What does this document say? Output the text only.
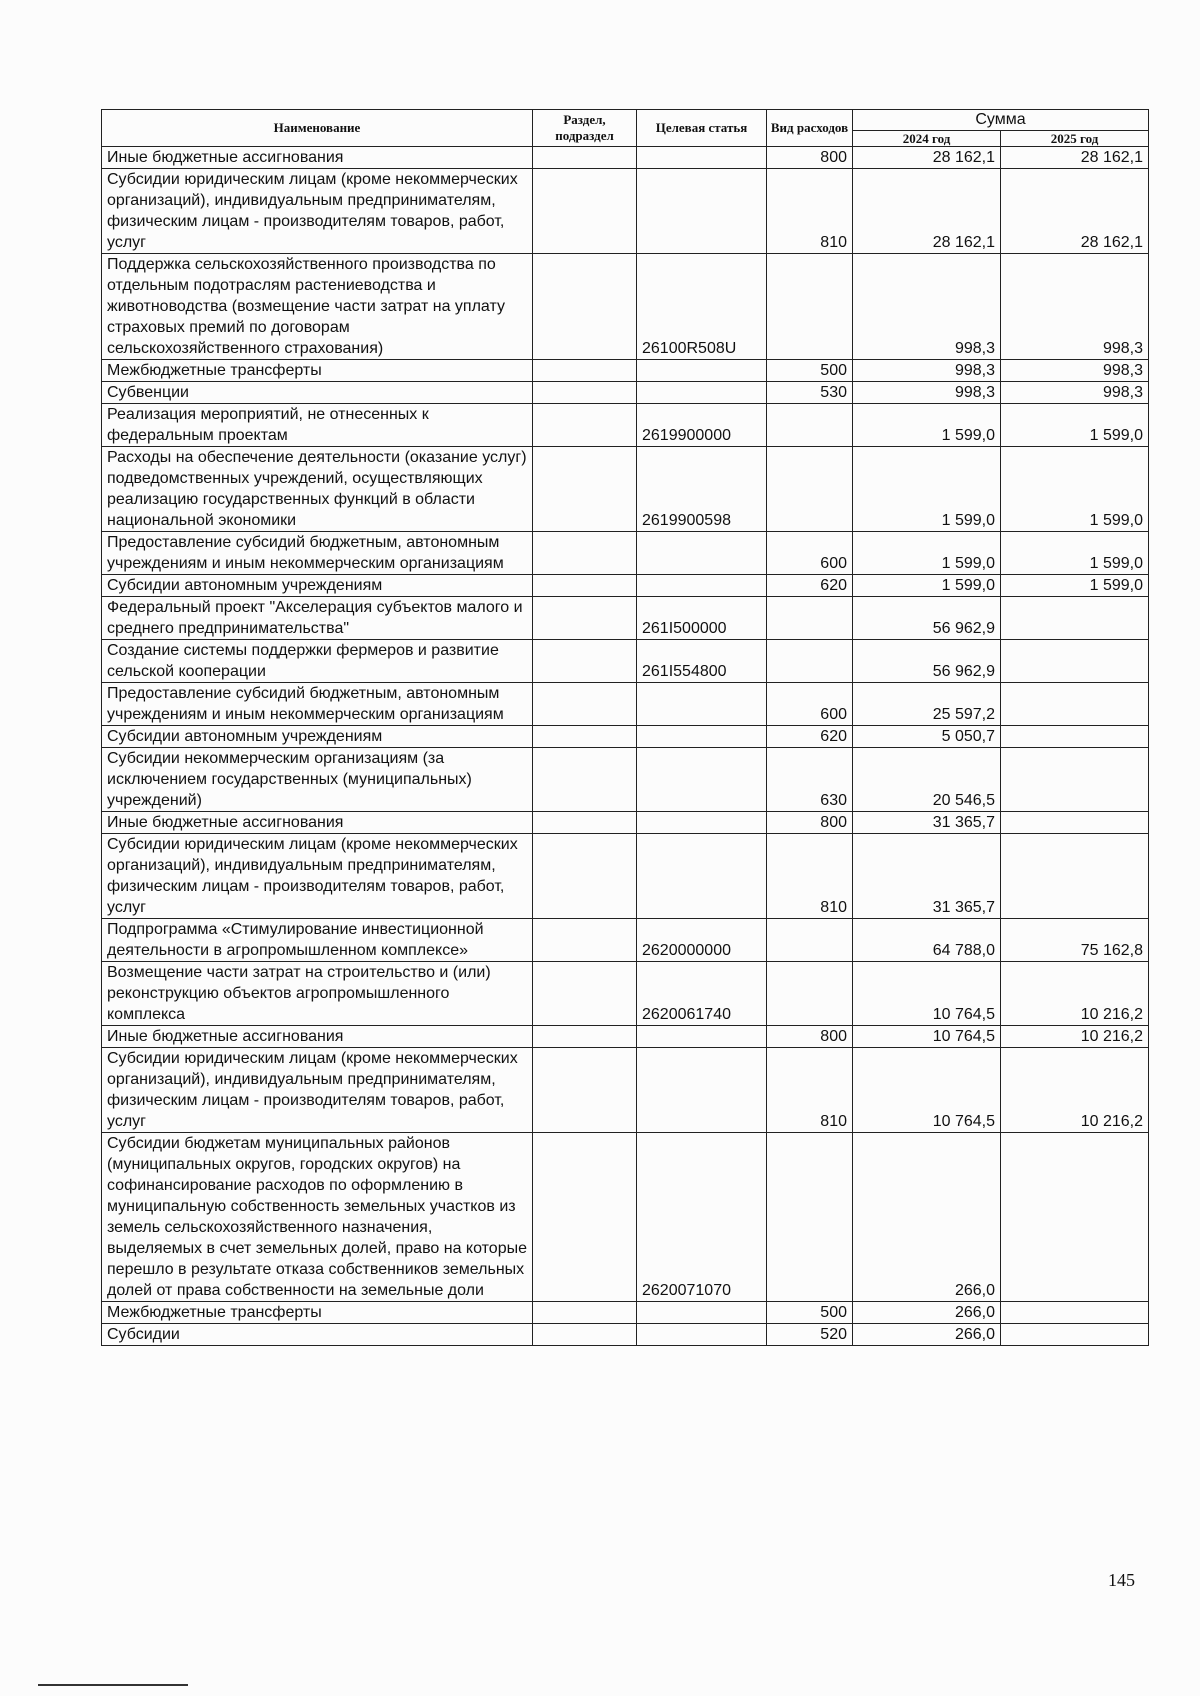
Наименование	Раздел, подраздел	Целевая статья	Вид расходов	Сумма	
				2024 год	2025 год
Иные бюджетные ассигнования			800	28 162,1	28 162,1
Субсидии юридическим лицам (кроме некоммерческих организаций), индивидуальным предпринимателям, физическим лицам - производителям товаров, работ, услуг			810	28 162,1	28 162,1
Поддержка сельскохозяйственного производства по отдельным подотраслям растениеводства и животноводства (возмещение части затрат на уплату страховых премий по договорам сельскохозяйственного страхования)		26100R508U		998,3	998,3
Межбюджетные трансферты			500	998,3	998,3
Субвенции			530	998,3	998,3
Реализация мероприятий, не отнесенных к федеральным проектам		2619900000		1 599,0	1 599,0
Расходы на обеспечение деятельности (оказание услуг) подведомственных учреждений, осуществляющих реализацию государственных функций в области национальной экономики		2619900598		1 599,0	1 599,0
Предоставление субсидий бюджетным, автономным учреждениям и иным некоммерческим организациям			600	1 599,0	1 599,0
Субсидии автономным учреждениям			620	1 599,0	1 599,0
Федеральный проект "Акселерация субъектов малого и среднего предпринимательства"		261I500000		56 962,9	
Создание системы поддержки фермеров и развитие сельской кооперации		261I554800		56 962,9	
Предоставление субсидий бюджетным, автономным учреждениям и иным некоммерческим организациям			600	25 597,2	
Субсидии автономным учреждениям			620	5 050,7	
Субсидии некоммерческим организациям (за исключением государственных (муниципальных) учреждений)			630	20 546,5	
Иные бюджетные ассигнования			800	31 365,7	
Субсидии юридическим лицам (кроме некоммерческих организаций), индивидуальным предпринимателям, физическим лицам - производителям товаров, работ, услуг			810	31 365,7	
Подпрограмма «Стимулирование инвестиционной деятельности в агропромышленном комплексе»		2620000000		64 788,0	75 162,8
Возмещение части затрат на строительство и (или) реконструкцию объектов агропромышленного комплекса		2620061740		10 764,5	10 216,2
Иные бюджетные ассигнования			800	10 764,5	10 216,2
Субсидии юридическим лицам (кроме некоммерческих организаций), индивидуальным предпринимателям, физическим лицам - производителям товаров, работ, услуг			810	10 764,5	10 216,2
Субсидии бюджетам муниципальных районов (муниципальных округов, городских округов) на софинансирование расходов по оформлению в муниципальную собственность земельных участков из земель сельскохозяйственного назначения, выделяемых в счет земельных долей, право на которые перешло в результате отказа собственников земельных долей от права собственности на земельные доли		2620071070		266,0	
Межбюджетные трансферты			500	266,0	
Субсидии			520	266,0	
145
